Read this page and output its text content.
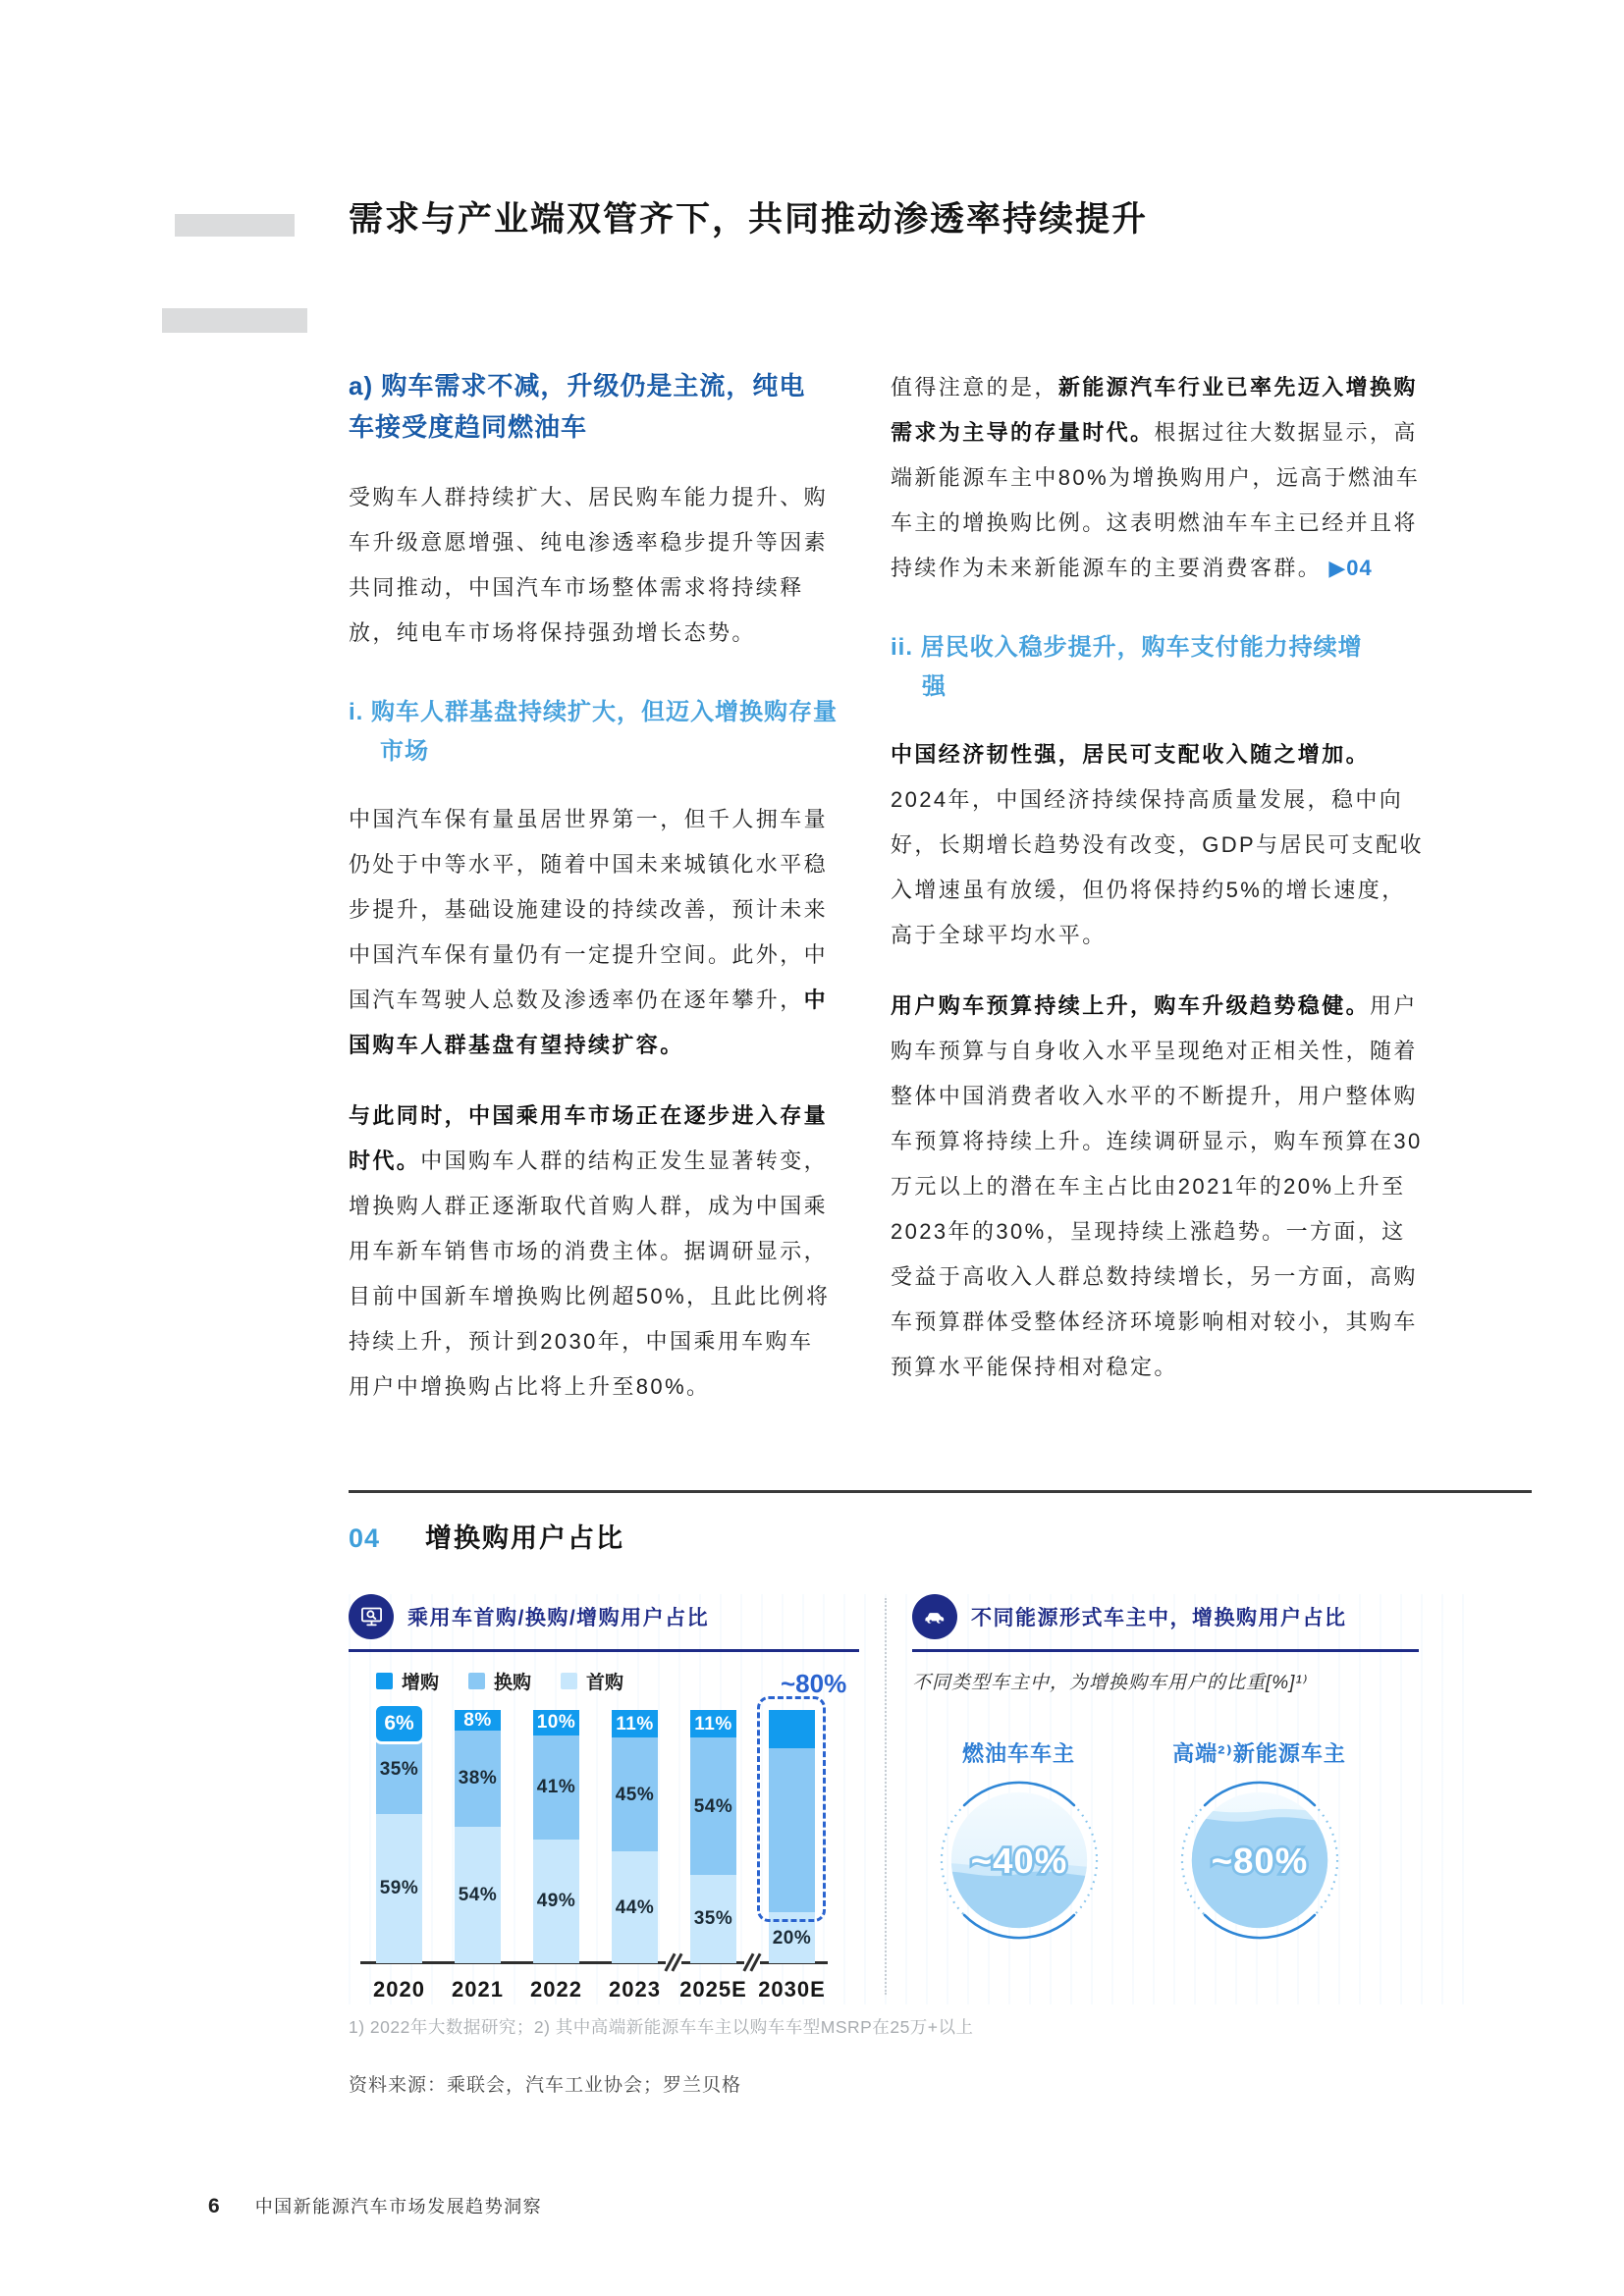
需求与产业端双管齐下，共同推动渗透率持续提升
a) 购车需求不减，升级仍是主流，纯电车接受度趋同燃油车

受购车人群持续扩大、居民购车能力提升、购车升级意愿增强、纯电渗透率稳步提升等因素共同推动，中国汽车市场整体需求将持续释放，纯电车市场将保持强劲增长态势。

i. 购车人群基盘持续扩大，但迈入增换购存量市场

中国汽车保有量虽居世界第一，但千人拥车量仍处于中等水平，随着中国未来城镇化水平稳步提升，基础设施建设的持续改善，预计未来中国汽车保有量仍有一定提升空间。此外，中国汽车驾驶人总数及渗透率仍在逐年攀升，中国购车人群基盘有望持续扩容。

与此同时，中国乘用车市场正在逐步进入存量时代。中国购车人群的结构正发生显著转变，增换购人群正逐渐取代首购人群，成为中国乘用车新车销售市场的消费主体。据调研显示，目前中国新车增换购比例超50%，且此比例将持续上升，预计到2030年，中国乘用车购车用户中增换购占比将上升至80%。

值得注意的是，新能源汽车行业已率先迈入增换购需求为主导的存量时代。根据过往大数据显示，高端新能源车主中80%为增换购用户，远高于燃油车车主的增换购比例。这表明燃油车车主已经并且将持续作为未来新能源车的主要消费客群。 ▶04

ii. 居民收入稳步提升，购车支付能力持续增强

中国经济韧性强，居民可支配收入随之增加。2024年，中国经济持续保持高质量发展，稳中向好，长期增长趋势没有改变，GDP与居民可支配收入增速虽有放缓，但仍将保持约5%的增长速度，高于全球平均水平。

用户购车预算持续上升，购车升级趋势稳健。用户购车预算与自身收入水平呈现绝对正相关性，随着整体中国消费者收入水平的不断提升，用户整体购车预算将持续上升。连续调研显示，购车预算在30万元以上的潜在车主占比由2021年的20%上升至2023年的30%，呈现持续上涨趋势。一方面，这受益于高收入人群总数持续增长，另一方面，高购车预算群体受整体经济环境影响相对较小，其购车预算水平能保持相对稳定。

04 增换购用户占比
乘用车首购/换购/增购用户占比
增购	换购	首购
6%
35%
59%
2020
8%
38%
54%
2021
10%
41%
49%
2022
11%
45%
44%
2023
11%
54%
35%
2025E
20%
~80%
2030E
不同能源形式车主中，增换购用户占比
不同类型车主中，为增换购车用户的比重[%]¹⁾
燃油车车主
~40%
高端²⁾新能源车主
~80%
1) 2022年大数据研究；2) 其中高端新能源车车主以购车车型MSRP在25万+以上
资料来源：乘联会，汽车工业协会；罗兰贝格
6 中国新能源汽车市场发展趋势洞察
